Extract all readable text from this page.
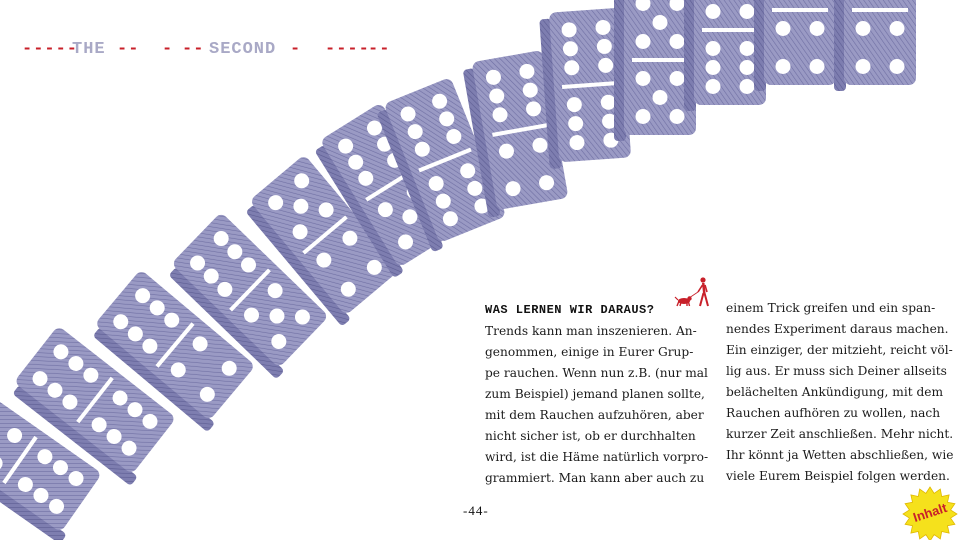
-----
THE -- - -- SECOND - ----
--
WAS LERNEN WIR DARAUS?
Trends kann man inszenieren. An-
genommen, einige in Eurer Grup-
pe rauchen. Wenn nun z.B. (nur mal
zum Beispiel) jemand planen sollte,
mit dem Rauchen aufzuhören, aber
nicht sicher ist, ob er durchhalten
wird, ist die Häme natürlich vorpro-
grammiert. Man kann aber auch zu
einem Trick greifen und ein span-
nendes Experiment daraus machen.
Ein einziger, der mitzieht, reicht völ-
lig aus. Er muss sich Deiner allseits
belächelten Ankündigung, mit dem
Rauchen aufhören zu wollen, nach
kurzer Zeit anschließen. Mehr nicht.
Ihr könnt ja Wetten abschließen, wie
viele Eurem Beispiel folgen werden.
-44-	Inhalt
